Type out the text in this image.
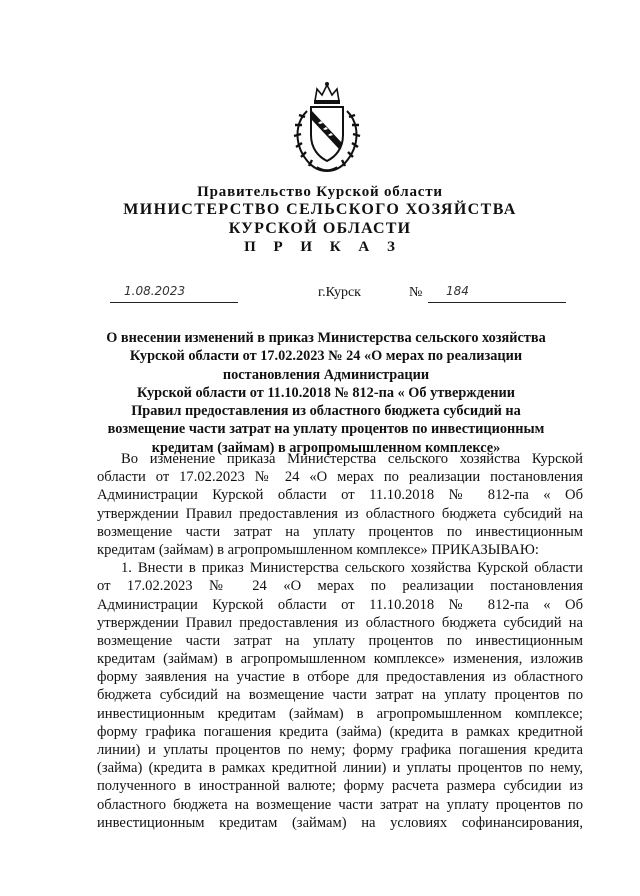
Правительство Курской области
МИНИСТЕРСТВО СЕЛЬСКОГО ХОЗЯЙСТВА
КУРСКОЙ ОБЛАСТИ
П Р И К А З
1.08.2023	г.Курск	№ 184
О внесении изменений в приказ Министерства сельского хозяйства
Курской области от 17.02.2023 № 24 «О мерах по реализации
постановления Администрации
Курской области от 11.10.2018 № 812-па « Об утверждении
Правил предоставления из областного бюджета субсидий на
возмещение части затрат на уплату процентов по инвестиционным
кредитам (займам) в агропромышленном комплексе»
Во изменение приказа Министерства сельского хозяйства Курской
области от 17.02.2023 № 24 «О мерах по реализации постановления
Администрации Курской области от 11.10.2018 № 812-па « Об
утверждении Правил предоставления из областного бюджета субсидий на
возмещение части затрат на уплату процентов по инвестиционным
кредитам (займам) в агропромышленном комплексе» ПРИКАЗЫВАЮ:
1. Внести в приказ Министерства сельского хозяйства Курской области
от 17.02.2023 № 24 «О мерах по реализации постановления
Администрации Курской области от 11.10.2018 № 812-па « Об
утверждении Правил предоставления из областного бюджета субсидий на
возмещение части затрат на уплату процентов по инвестиционным
кредитам (займам) в агропромышленном комплексе» изменения, изложив
форму заявления на участие в отборе для предоставления из областного
бюджета субсидий на возмещение части затрат на уплату процентов по
инвестиционным кредитам (займам) в агропромышленном комплексе;
форму графика погашения кредита (займа) (кредита в рамках кредитной
линии) и уплаты процентов по нему; форму графика погашения кредита
(займа) (кредита в рамках кредитной линии) и уплаты процентов по нему,
полученного в иностранной валюте; форму расчета размера субсидии из
областного бюджета на возмещение части затрат на уплату процентов по
инвестиционным кредитам (займам) на условиях софинансирования,
